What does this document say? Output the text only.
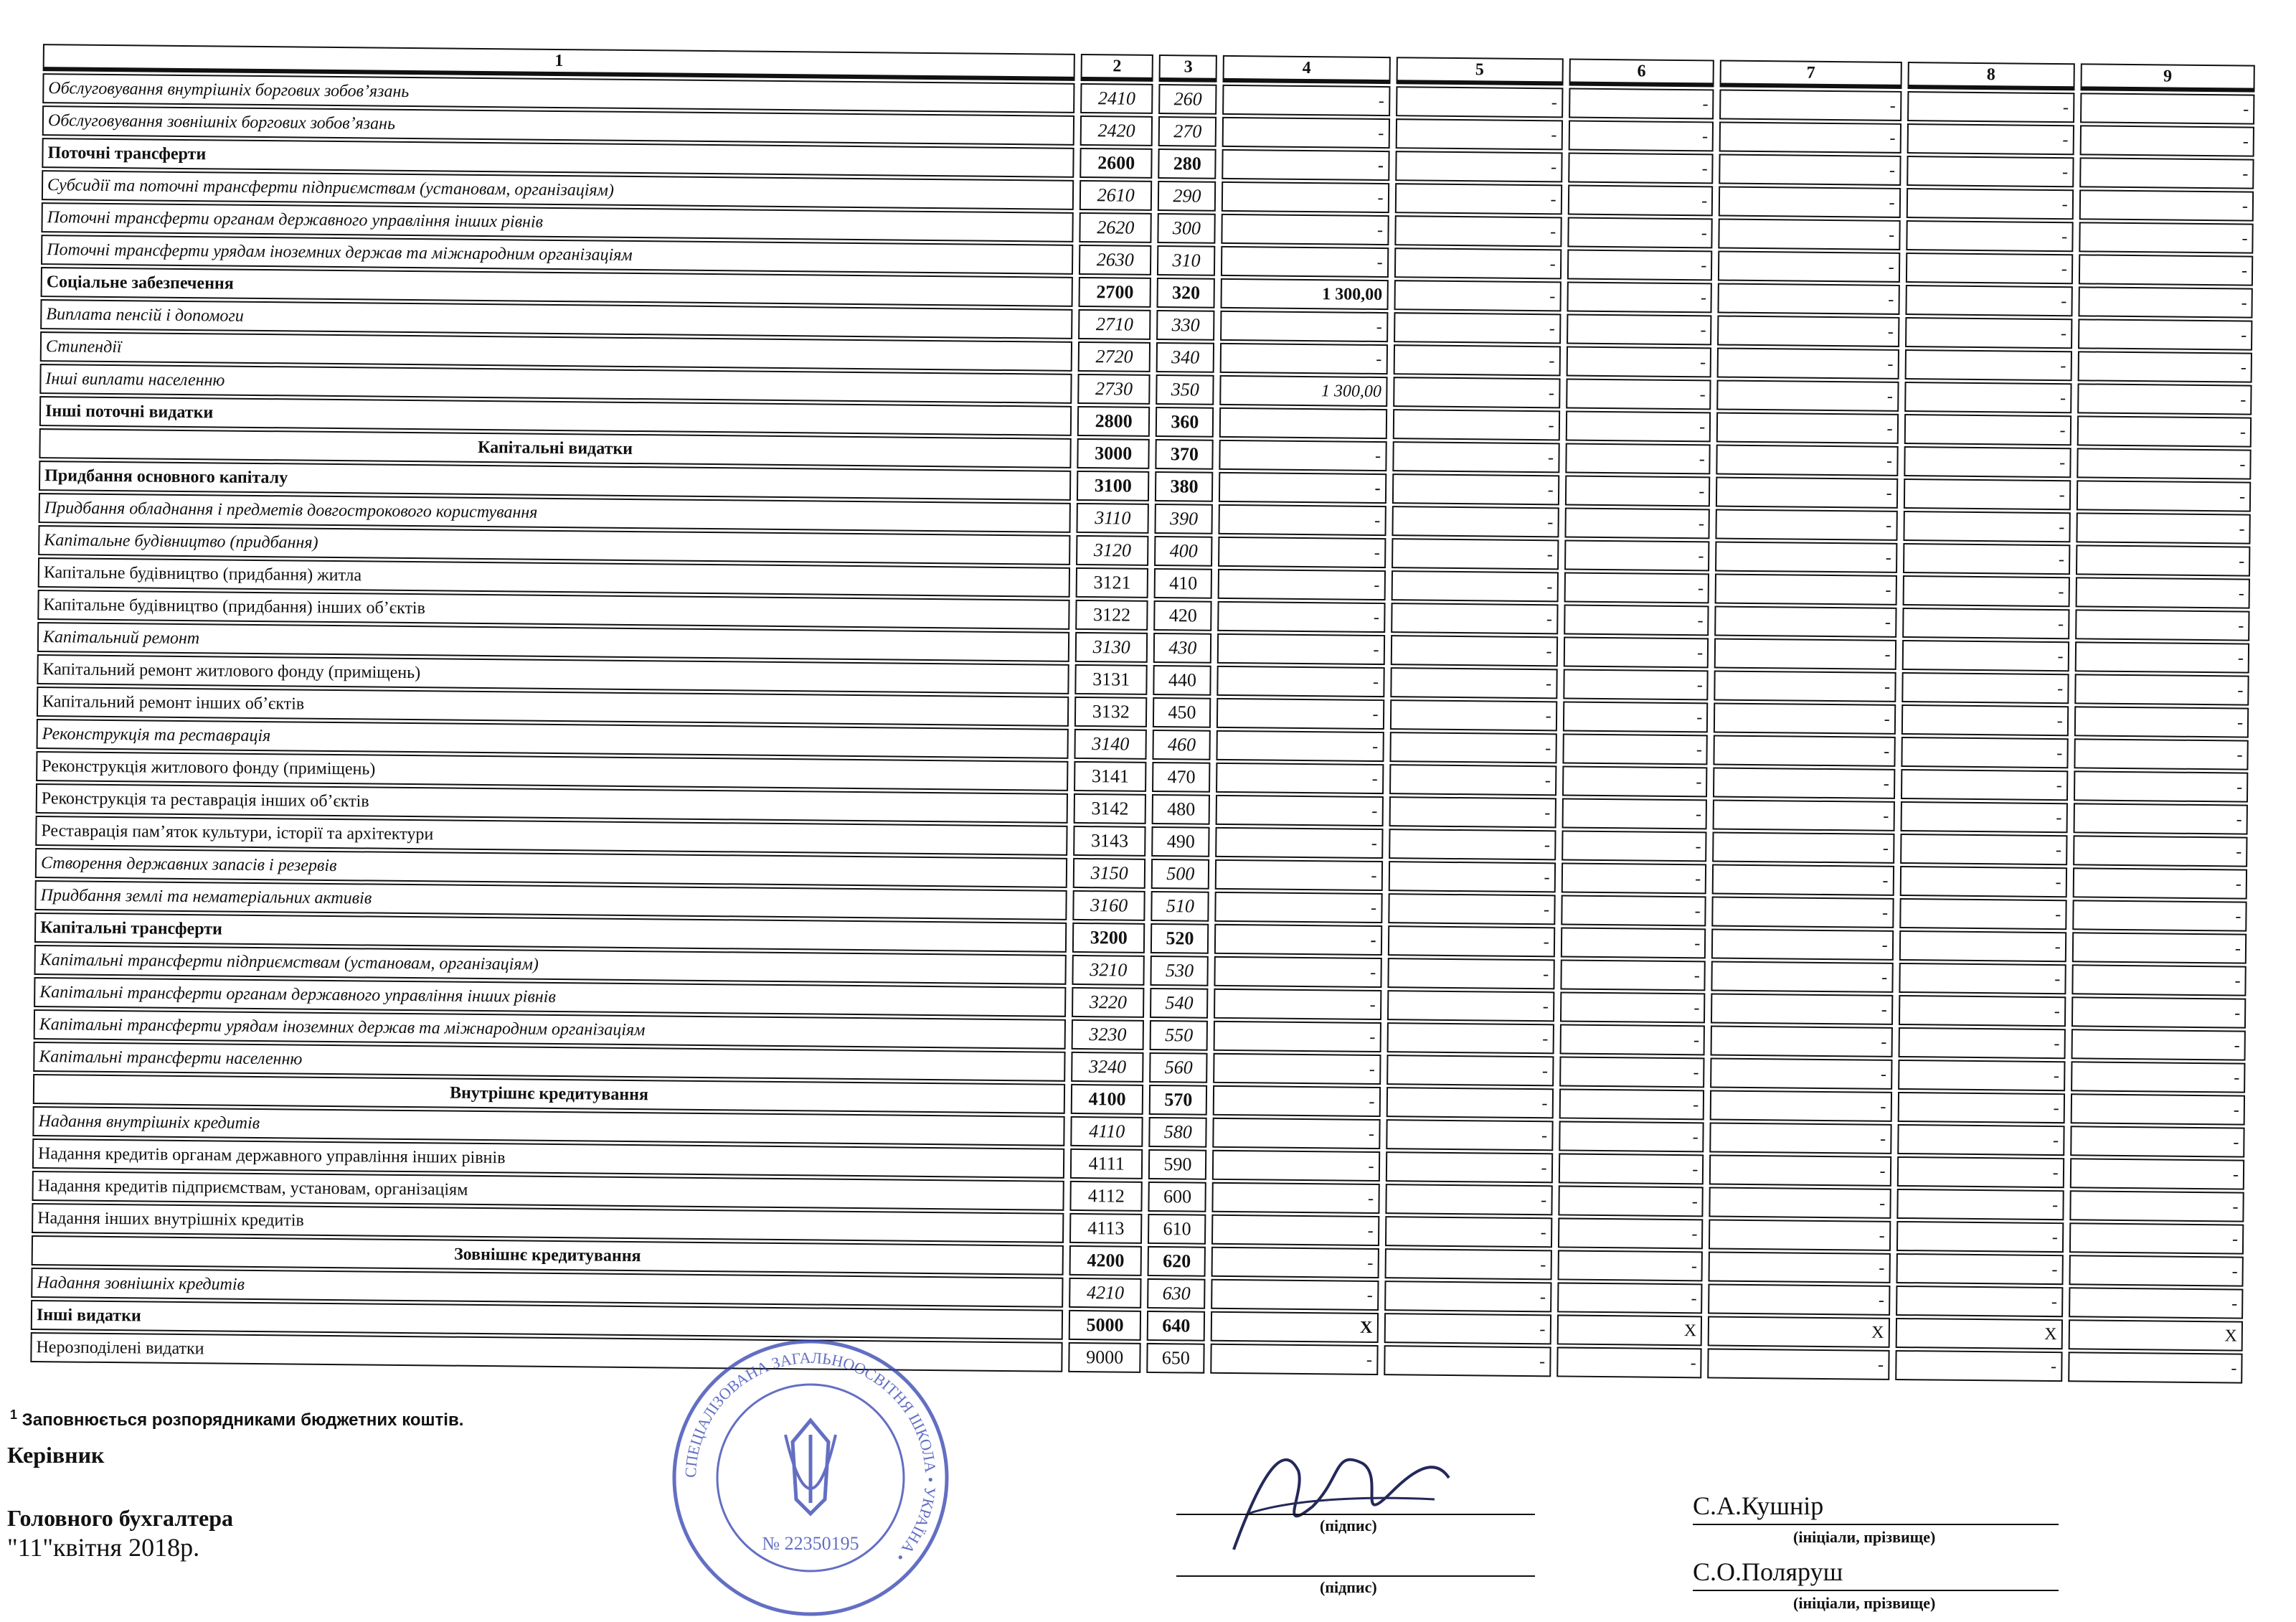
1	2	3	4	5	6	7	8	9
Обслуговування внутрішніх боргових зобов’язань	2410	260	-	-	-	-	-	-
Обслуговування зовнішніх боргових зобов’язань	2420	270	-	-	-	-	-	-
Поточні трансферти	2600	280	-	-	-	-	-	-
Субсидії та поточні трансферти підприємствам (установам, організаціям)	2610	290	-	-	-	-	-	-
Поточні трансферти органам державного управління інших рівнів	2620	300	-	-	-	-	-	-
Поточні трансферти урядам іноземних держав та міжнародним організаціям	2630	310	-	-	-	-	-	-
Соціальне забезпечення	2700	320	1 300,00	-	-	-	-	-
Виплата пенсій і допомоги	2710	330	-	-	-	-	-	-
Стипендії	2720	340	-	-	-	-	-	-
Інші виплати населенню	2730	350	1 300,00	-	-	-	-	-
Інші поточні видатки	2800	360		-	-	-	-	-
Капітальні видатки	3000	370	-	-	-	-	-	-
Придбання основного капіталу	3100	380	-	-	-	-	-	-
Придбання обладнання і предметів довгострокового користування	3110	390	-	-	-	-	-	-
Капітальне будівництво (придбання)	3120	400	-	-	-	-	-	-
Капітальне будівництво (придбання) житла	3121	410	-	-	-	-	-	-
Капітальне будівництво (придбання) інших об’єктів	3122	420	-	-	-	-	-	-
Капітальний ремонт	3130	430	-	-	-	-	-	-
Капітальний ремонт житлового фонду (приміщень)	3131	440	-	-	-	-	-	-
Капітальний ремонт інших об’єктів	3132	450	-	-	-	-	-	-
Реконструкція та реставрація	3140	460	-	-	-	-	-	-
Реконструкція житлового фонду (приміщень)	3141	470	-	-	-	-	-	-
Реконструкція та реставрація інших об’єктів	3142	480	-	-	-	-	-	-
Реставрація пам’яток культури, історії та архітектури	3143	490	-	-	-	-	-	-
Створення державних запасів і резервів	3150	500	-	-	-	-	-	-
Придбання землі та нематеріальних активів	3160	510	-	-	-	-	-	-
Капітальні трансферти	3200	520	-	-	-	-	-	-
Капітальні трансферти підприємствам (установам, організаціям)	3210	530	-	-	-	-	-	-
Капітальні трансферти органам державного управління інших рівнів	3220	540	-	-	-	-	-	-
Капітальні трансферти урядам іноземних держав та міжнародним організаціям	3230	550	-	-	-	-	-	-
Капітальні трансферти населенню	3240	560	-	-	-	-	-	-
Внутрішнє кредитування	4100	570	-	-	-	-	-	-
Надання внутрішніх кредитів	4110	580	-	-	-	-	-	-
Надання кредитів органам державного управління інших рівнів	4111	590	-	-	-	-	-	-
Надання кредитів підприємствам, установам, організаціям	4112	600	-	-	-	-	-	-
Надання інших внутрішніх кредитів	4113	610	-	-	-	-	-	-
Зовнішнє кредитування	4200	620	-	-	-	-	-	-
Надання зовнішніх кредитів	4210	630	-	-	-	-	-	-
Інші видатки	5000	640	X	-	X	X	X	X
Нерозподілені видатки	9000	650	-	-	-	-	-	-
$^1$ Заповнюється розпорядниками бюджетних коштів.
Керівник
Головного бухгалтера
"11"квітня 2018р.
СПЕЦІАЛІЗОВАНА ЗАГАЛЬНООСВІТНЯ ШКОЛА • УКРАЇНА •
№ 22350195
(підпис)
(підпис)
С.А.Кушнір
(ініціали, прізвище)
С.О.Поляруш
(ініціали, прізвище)
